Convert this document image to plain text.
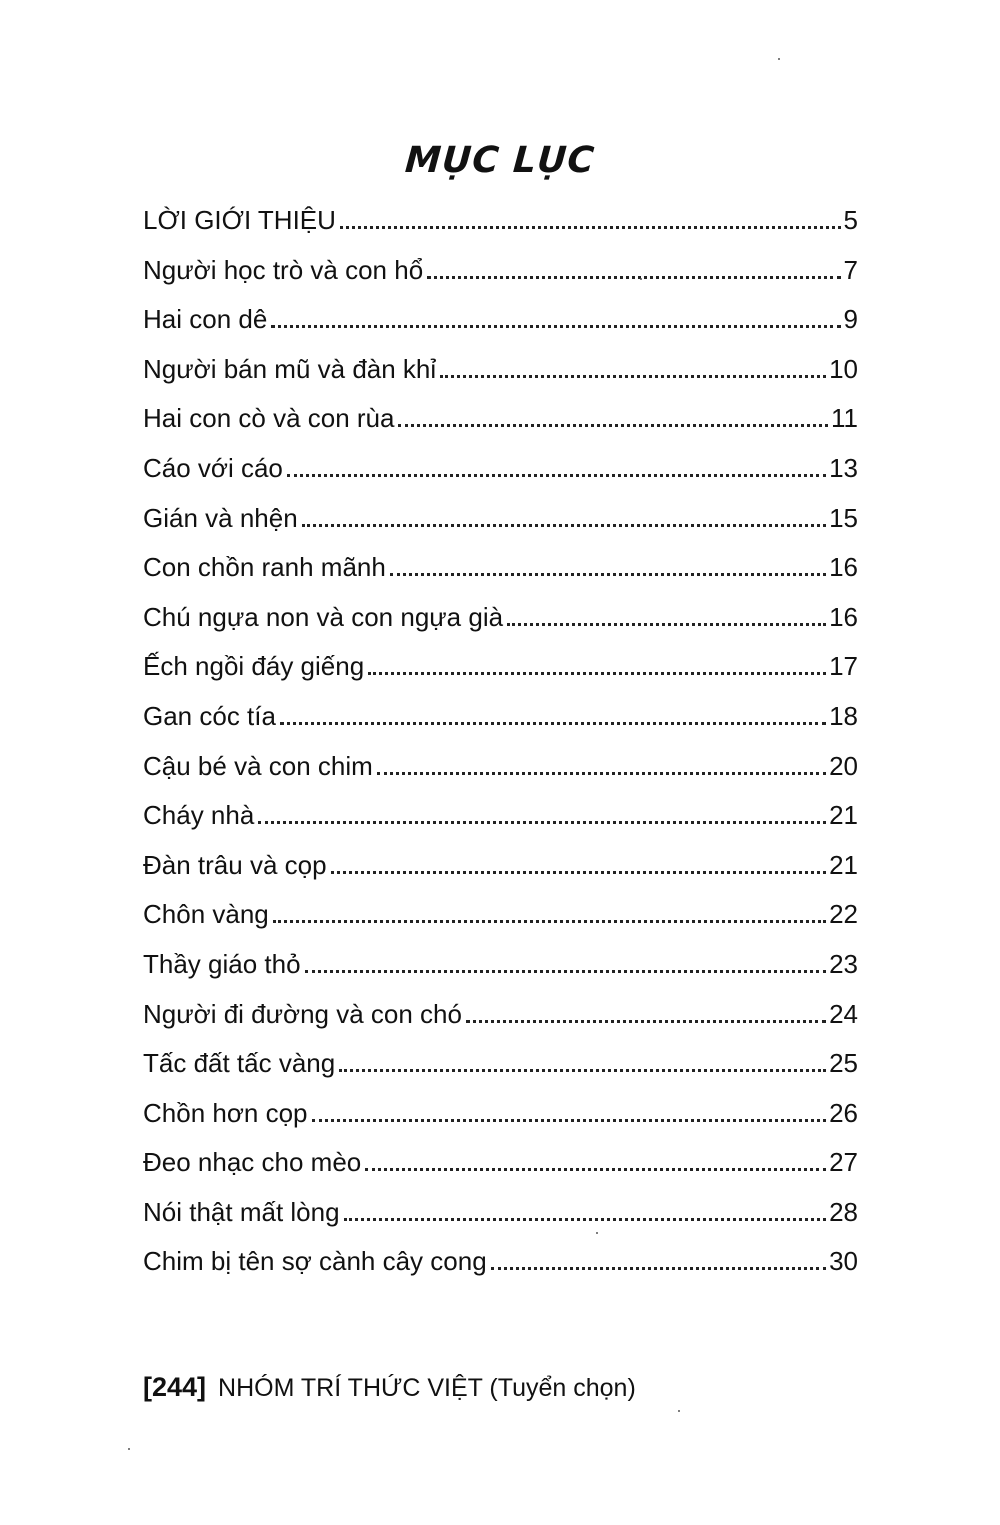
MỤC LỤC
LỜI GIỚI THIỆU	5
Người học trò và con hổ	7
Hai con dê	9
Người bán mũ và đàn khỉ	10
Hai con cò và con rùa	11
Cáo với cáo	13
Gián và nhện	15
Con chồn ranh mãnh	16
Chú ngựa non và con ngựa già	16
Ếch ngồi đáy giếng	17
Gan cóc tía	18
Cậu bé và con chim	20
Cháy nhà	21
Đàn trâu và cọp	21
Chôn vàng	22
Thầy giáo thỏ	23
Người đi đường và con chó	24
Tấc đất tấc vàng	25
Chồn hơn cọp	26
Đeo nhạc cho mèo	27
Nói thật mất lòng	28
Chim bị tên sợ cành cây cong	30
[244] NHÓM TRÍ THỨC VIỆT (Tuyển chọn)
